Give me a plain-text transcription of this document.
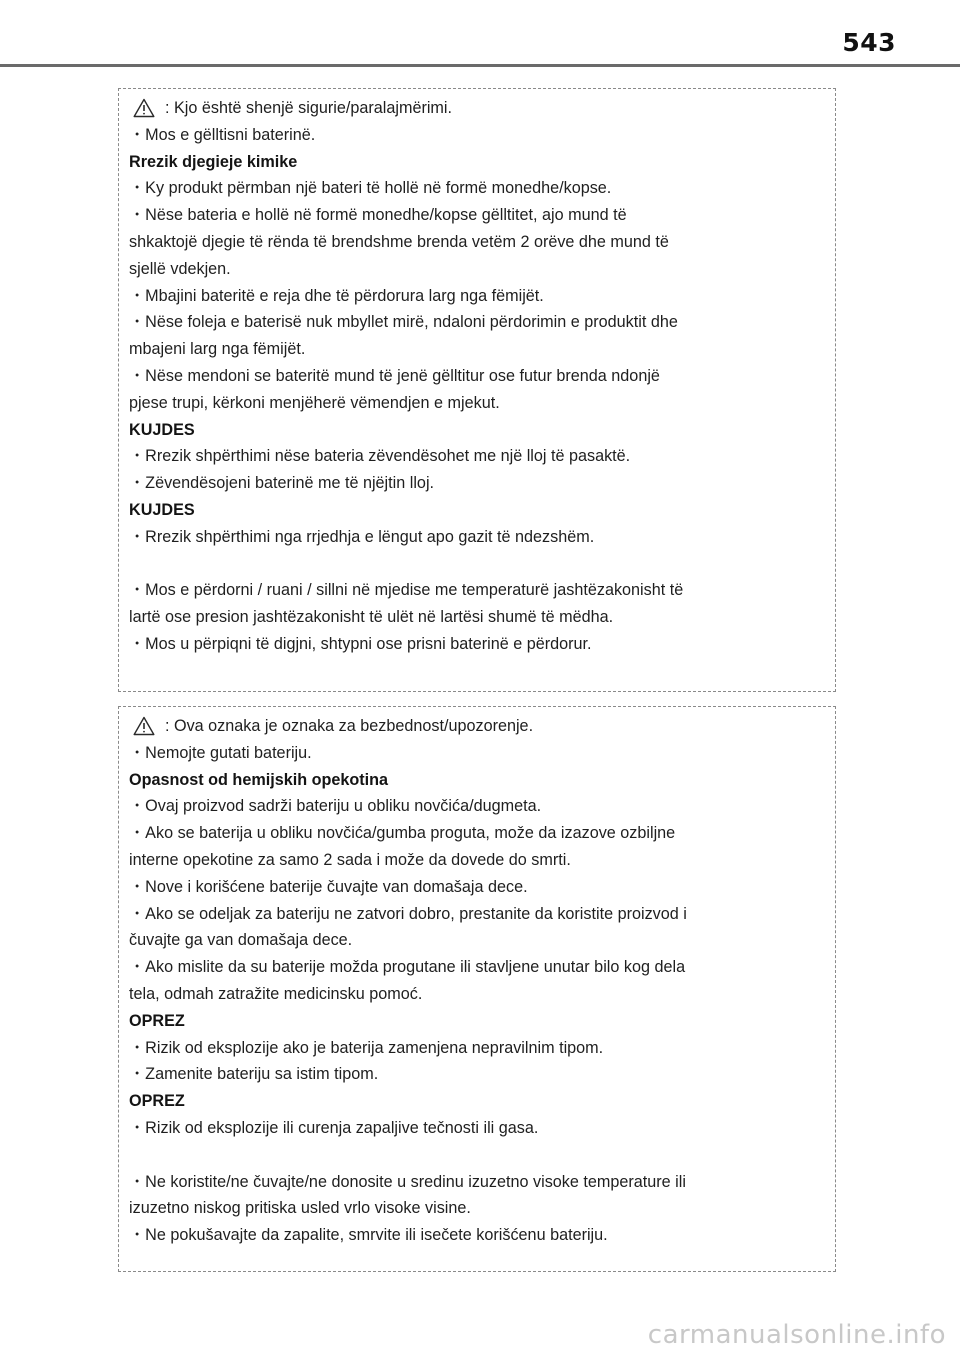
543
: Kjo është shenjë sigurie/paralajmërimi.
・Mos e gëlltisni baterinë.
Rrezik djegieje kimike
・Ky produkt përmban një bateri të hollë në formë monedhe/kopse.
・Nëse bateria e hollë në formë monedhe/kopse gëlltitet, ajo mund të
shkaktojë djegie të rënda të brendshme brenda vetëm 2 orëve dhe mund të
sjellë vdekjen.
・Mbajini bateritë e reja dhe të përdorura larg nga fëmijët.
・Nëse foleja e baterisë nuk mbyllet mirë, ndaloni përdorimin e produktit dhe
mbajeni larg nga fëmijët.
・Nëse mendoni se bateritë mund të jenë gëlltitur ose futur brenda ndonjë
pjese trupi, kërkoni menjëherë vëmendjen e mjekut.
KUJDES
・Rrezik shpërthimi nëse bateria zëvendësohet me një lloj të pasaktë.
・Zëvendësojeni baterinë me të njëjtin lloj.
KUJDES
・Rrezik shpërthimi nga rrjedhja e lëngut apo gazit të ndezshëm.
・Mos e përdorni / ruani / sillni në mjedise me temperaturë jashtëzakonisht të
lartë ose presion jashtëzakonisht të ulët në lartësi shumë të mëdha.
・Mos u përpiqni të digjni, shtypni ose prisni baterinë e përdorur.
: Ova oznaka je oznaka za bezbednost/upozorenje.
・Nemojte gutati bateriju.
Opasnost od hemijskih opekotina
・Ovaj proizvod sadrži bateriju u obliku novčića/dugmeta.
・Ako se baterija u obliku novčića/gumba proguta, može da izazove ozbiljne
interne opekotine za samo 2 sada i može da dovede do smrti.
・Nove i korišćene baterije čuvajte van domašaja dece.
・Ako se odeljak za bateriju ne zatvori dobro, prestanite da koristite proizvod i
čuvajte ga van domašaja dece.
・Ako mislite da su baterije možda progutane ili stavljene unutar bilo kog dela
tela, odmah zatražite medicinsku pomoć.
OPREZ
・Rizik od eksplozije ako je baterija zamenjena nepravilnim tipom.
・Zamenite bateriju sa istim tipom.
OPREZ
・Rizik od eksplozije ili curenja zapaljive tečnosti ili gasa.
・Ne koristite/ne čuvajte/ne donosite u sredinu izuzetno visoke temperature ili
izuzetno niskog pritiska usled vrlo visoke visine.
・Ne pokušavajte da zapalite, smrvite ili isečete korišćenu bateriju.
carmanualsonline.info
